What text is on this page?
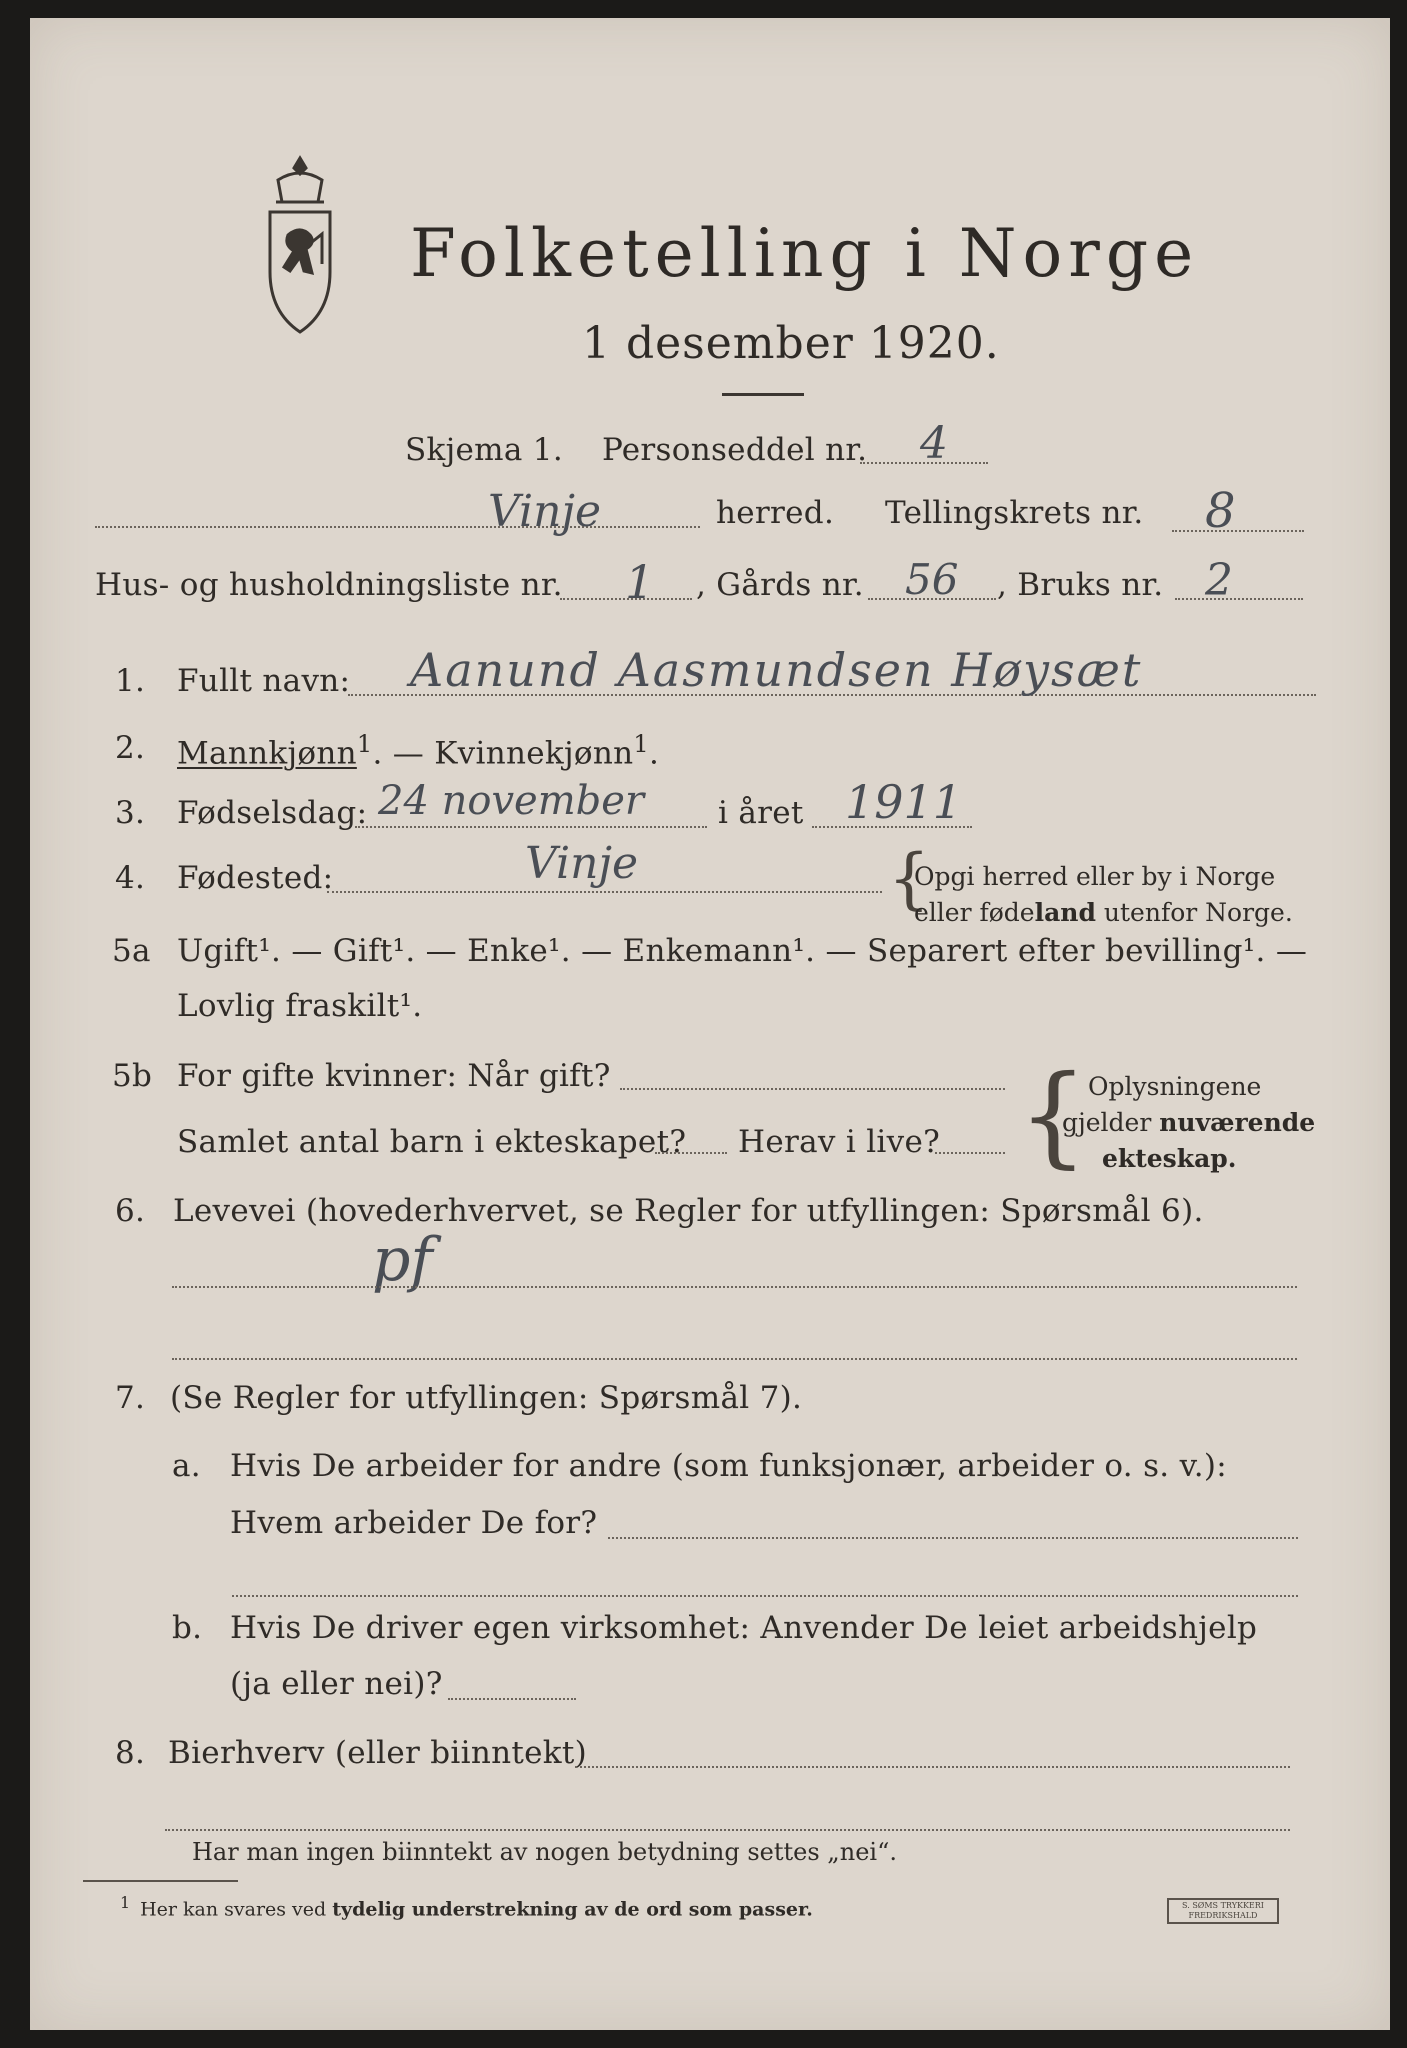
Folketelling i Norge
1 desember 1920.
Skjema 1. Personseddel nr. 4
Vinje	herred. Tellingskrets nr. 8
Hus- og husholdningsliste nr. 1 , Gårds nr. 56 , Bruks nr. 2
1. Fullt navn: Aanund Aasmundsen Høysæt
2. Mannkjønn$^1$. — Kvinnekjønn$^1$.
3. Fødselsdag: 24 november i året 1911
4. Fødested:	Vinje	{
Opgi herred eller by i Norge
eller fødeland utenfor Norge.
5a Ugift¹. — Gift¹. — Enke¹. — Enkemann¹. — Separert efter bevilling¹. —
Lovlig fraskilt¹.
5b For gifte kvinner: Når gift?
Samlet antal barn i ekteskapet? Herav i live? { Oplysningene
gjelder nuværende
ekteskap.
6. Levevei (hovederhvervet, se Regler for utfyllingen: Spørsmål 6).
pf
7. (Se Regler for utfyllingen: Spørsmål 7).
a. Hvis De arbeider for andre (som funksjonær, arbeider o. s. v.):
Hvem arbeider De for?
b. Hvis De driver egen virksomhet: Anvender De leiet arbeidshjelp
(ja eller nei)?
8. Bierhverv (eller biinntekt)
Har man ingen biinntekt av nogen betydning settes „nei“.
$^1$ Her kan svares ved tydelig understrekning av de ord som passer.	S. SØMS TRYKKERI FREDRIKSHALD
